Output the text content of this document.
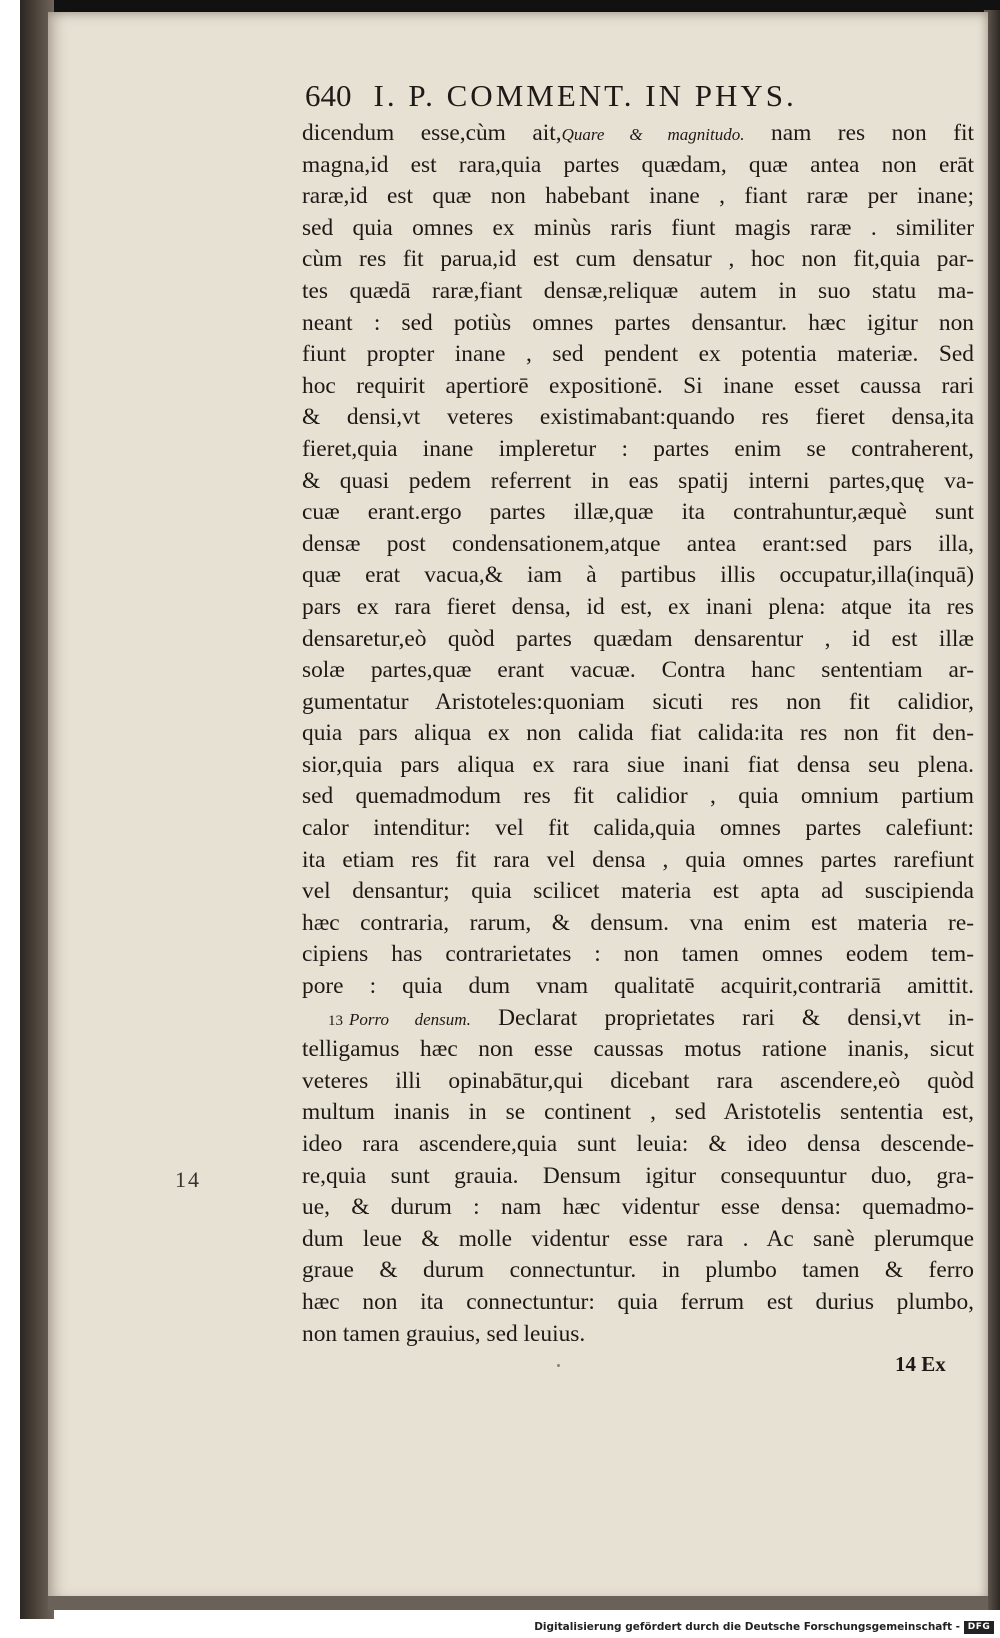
640 I. P. COMMENT. IN PHYS.
dicendum esse,cùm ait,Quare & magnitudo. nam res non fit
magna,id est rara,quia partes quædam, quæ antea non erāt
raræ,id est quæ non habebant inane , fiant raræ per inane;
sed quia omnes ex minùs raris fiunt magis raræ . similiter
cùm res fit parua,id est cum densatur , hoc non fit,quia par-
tes quædā raræ,fiant densæ,reliquæ autem in suo statu ma-
neant : sed potiùs omnes partes densantur. hæc igitur non
fiunt propter inane , sed pendent ex potentia materiæ. Sed
hoc requirit apertiorē expositionē. Si inane esset caussa rari
& densi,vt veteres existimabant:quando res fieret densa,ita
fieret,quia inane impleretur : partes enim se contraherent,
& quasi pedem referrent in eas spatij interni partes,quę va-
cuæ erant.ergo partes illæ,quæ ita contrahuntur,æquè sunt
densæ post condensationem,atque antea erant:sed pars illa,
quæ erat vacua,& iam à partibus illis occupatur,illa(inquā)
pars ex rara fieret densa, id est, ex inani plena: atque ita res
densaretur,eò quòd partes quædam densarentur , id est illæ
solæ partes,quæ erant vacuæ. Contra hanc sententiam ar-
gumentatur Aristoteles:quoniam sicuti res non fit calidior,
quia pars aliqua ex non calida fiat calida:ita res non fit den-
sior,quia pars aliqua ex rara siue inani fiat densa seu plena.
sed quemadmodum res fit calidior , quia omnium partium
calor intenditur: vel fit calida,quia omnes partes calefiunt:
ita etiam res fit rara vel densa , quia omnes partes rarefiunt
vel densantur; quia scilicet materia est apta ad suscipienda
hæc contraria, rarum, & densum. vna enim est materia re-
cipiens has contrarietates : non tamen omnes eodem tem-
pore : quia dum vnam qualitatē acquirit,contrariā amittit.
13 Porro densum. Declarat proprietates rari & densi,vt in-
telligamus hæc non esse caussas motus ratione inanis, sicut
veteres illi opinabātur,qui dicebant rara ascendere,eò quòd
multum inanis in se continent , sed Aristotelis sententia est,
ideo rara ascendere,quia sunt leuia: & ideo densa descende-
re,quia sunt grauia. Densum igitur consequuntur duo, gra-
ue, & durum : nam hæc videntur esse densa: quemadmo-
dum leue & molle videntur esse rara . Ac sanè plerumque
graue & durum connectuntur. in plumbo tamen & ferro
hæc non ita connectuntur: quia ferrum est durius plumbo,
non tamen grauius, sed leuius.
14
14 Ex
Digitalisierung gefördert durch die Deutsche Forschungsgemeinschaft - DFG
